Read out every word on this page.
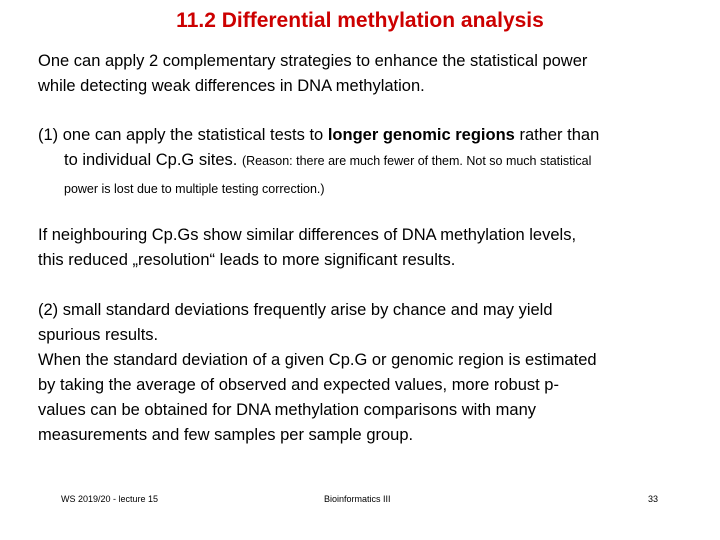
11.2 Differential methylation analysis
One can apply 2 complementary strategies to enhance the statistical power
while detecting weak differences in DNA methylation.
(1) one can apply the statistical tests to longer genomic regions rather than
to individual Cp.G sites. (Reason: there are much fewer of them. Not so much statistical
power is lost due to multiple testing correction.)
If neighbouring Cp.Gs show similar differences of DNA methylation levels,
this reduced „resolution“ leads to more significant results.
(2) small standard deviations frequently arise by chance and may yield
spurious results.
When the standard deviation of a given Cp.G or genomic region is estimated
by taking the average of observed and expected values, more robust p-
values can be obtained for DNA methylation comparisons with many
measurements and few samples per sample group.
WS 2019/20 - lecture 15	Bioinformatics III	33
